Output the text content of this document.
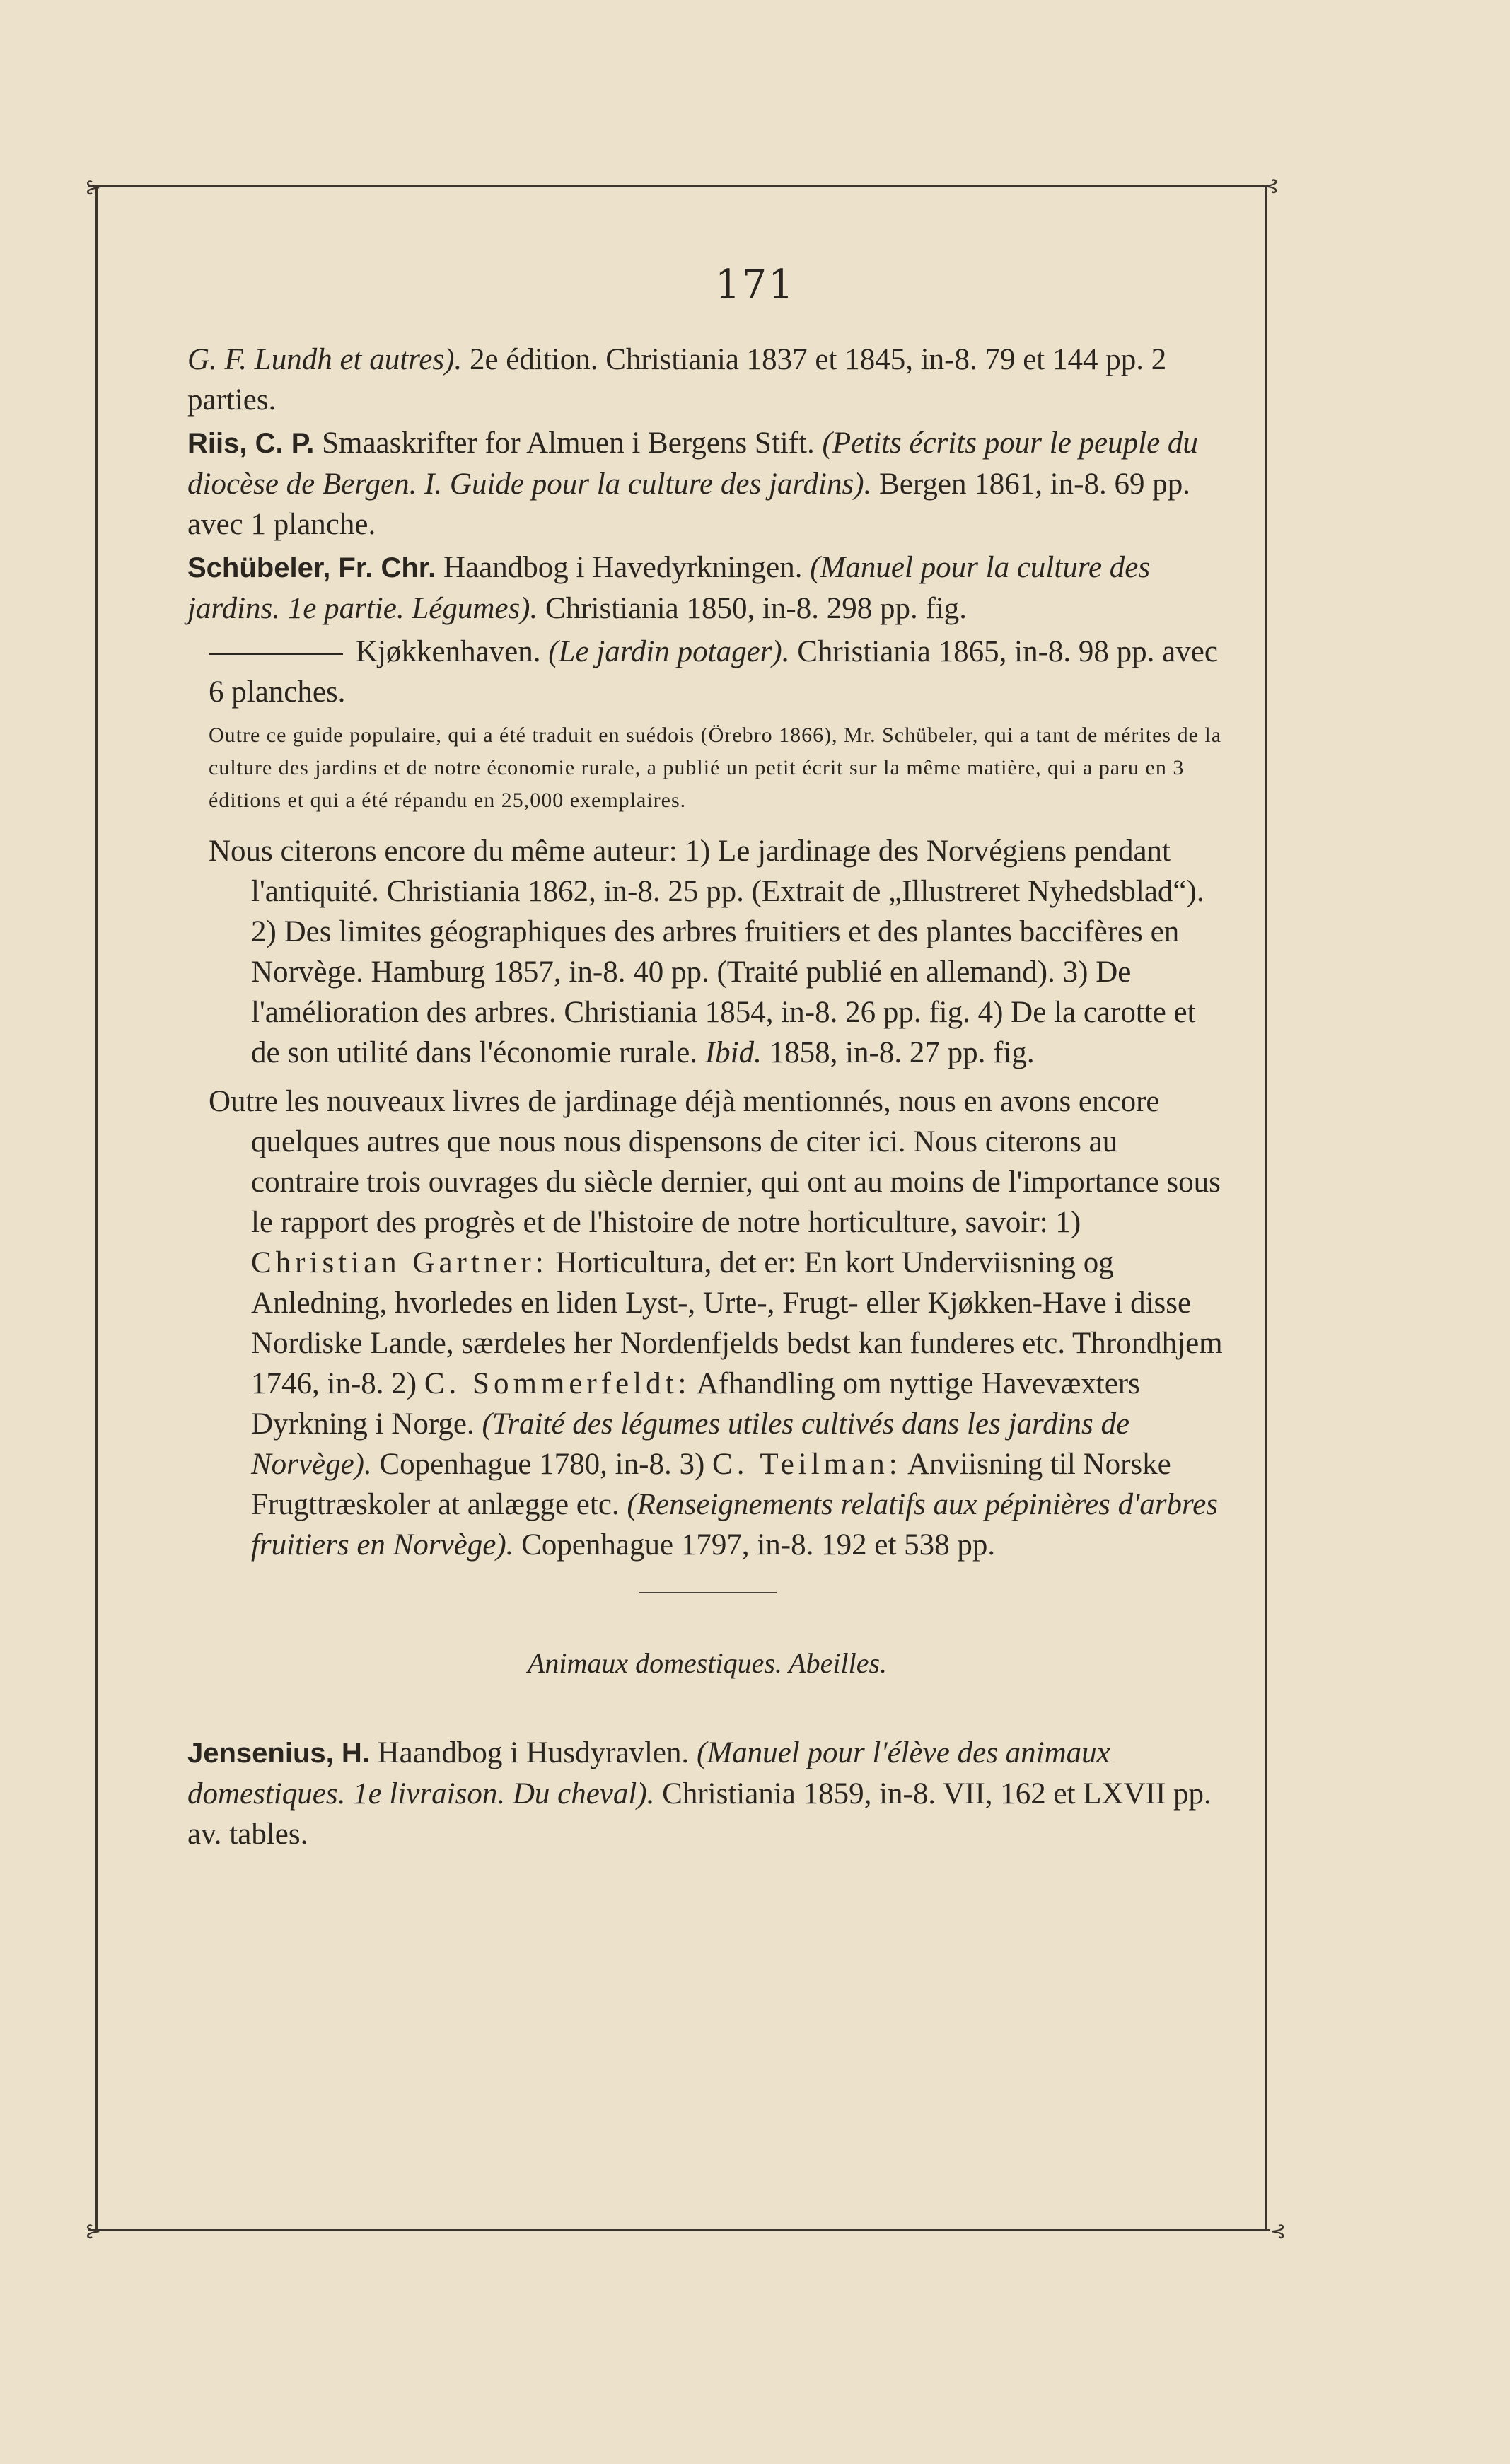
⊱	⊰
⊱	⊰
171

G. F. Lundh et autres). 2e édition. Christiania 1837 et 1845, in-8. 79 et 144 pp. 2 parties.

Riis, C. P. Smaaskrifter for Almuen i Bergens Stift. (Petits écrits pour le peuple du diocèse de Bergen. I. Guide pour la culture des jardins). Bergen 1861, in-8. 69 pp. avec 1 planche.

Schübeler, Fr. Chr. Haandbog i Havedyrkningen. (Manuel pour la culture des jardins. 1e partie. Légumes). Christiania 1850, in-8. 298 pp. fig.

Kjøkkenhaven. (Le jardin potager). Christiania 1865, in-8. 98 pp. avec 6 planches.

Outre ce guide populaire, qui a été traduit en suédois (Örebro 1866), Mr. Schübeler, qui a tant de mérites de la culture des jardins et de notre économie rurale, a publié un petit écrit sur la même matière, qui a paru en 3 éditions et qui a été répandu en 25,000 exemplaires.

Nous citerons encore du même auteur: 1) Le jardinage des Norvégiens pendant l'antiquité. Christiania 1862, in-8. 25 pp. (Extrait de „Illustreret Nyhedsblad“). 2) Des limites géographiques des arbres fruitiers et des plantes baccifères en Norvège. Hamburg 1857, in-8. 40 pp. (Traité publié en allemand). 3) De l'amélioration des arbres. Christiania 1854, in-8. 26 pp. fig. 4) De la carotte et de son utilité dans l'économie rurale. Ibid. 1858, in-8. 27 pp. fig.

Outre les nouveaux livres de jardinage déjà mentionnés, nous en avons encore quelques autres que nous nous dispensons de citer ici. Nous citerons au contraire trois ouvrages du siècle dernier, qui ont au moins de l'importance sous le rapport des progrès et de l'histoire de notre horticulture, savoir: 1) Christian Gartner: Horticultura, det er: En kort Underviisning og Anledning, hvorledes en liden Lyst-, Urte-, Frugt- eller Kjøkken-Have i disse Nordiske Lande, særdeles her Nordenfjelds bedst kan funderes etc. Throndhjem 1746, in-8. 2) C. Sommerfeldt: Afhandling om nyttige Havevæxters Dyrkning i Norge. (Traité des légumes utiles cultivés dans les jardins de Norvège). Copenhague 1780, in-8. 3) C. Teilman: Anviisning til Norske Frugttræskoler at anlægge etc. (Renseignements relatifs aux pépinières d'arbres fruitiers en Norvège). Copenhague 1797, in-8. 192 et 538 pp.

Animaux domestiques. Abeilles.

Jensenius, H. Haandbog i Husdyravlen. (Manuel pour l'élève des animaux domestiques. 1e livraison. Du cheval). Christiania 1859, in-8. VII, 162 et LXVII pp. av. tables.
